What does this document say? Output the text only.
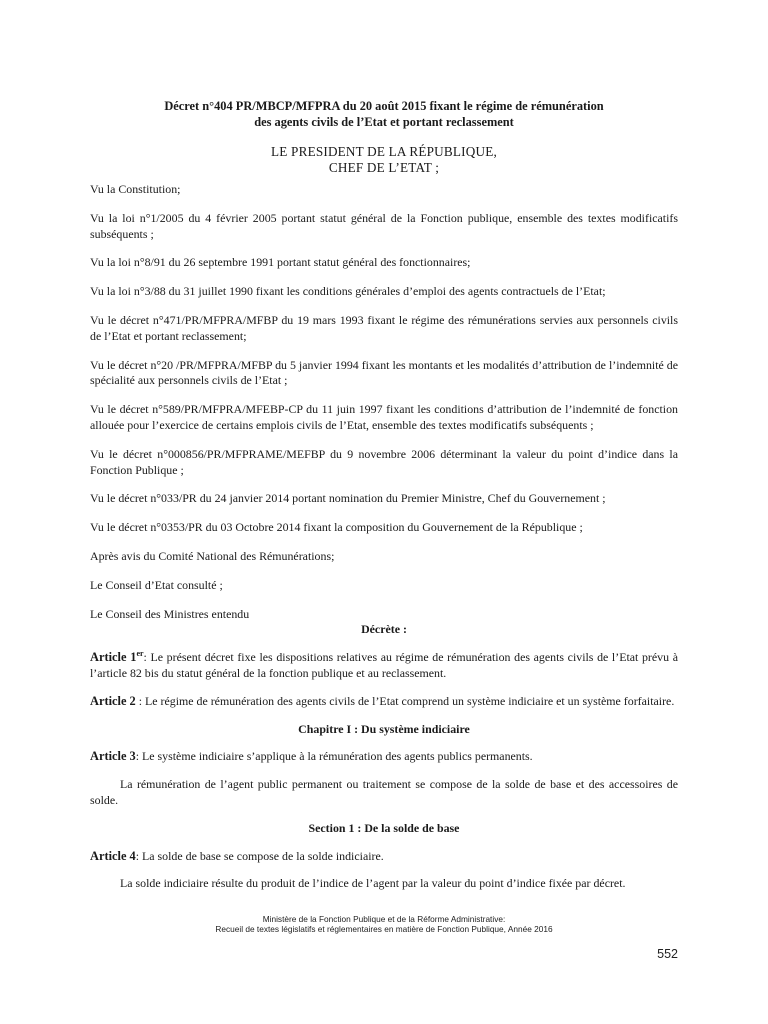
Décret n°404 PR/MBCP/MFPRA du 20 août 2015 fixant le régime de rémunération

des agents civils de l’Etat et portant reclassement

LE PRESIDENT DE LA RÉPUBLIQUE,

CHEF DE L’ETAT ;

Vu la Constitution;

Vu la loi n°1/2005 du 4 février 2005 portant statut général de la Fonction publique, ensemble des textes modificatifs subséquents ;

Vu la loi n°8/91 du 26 septembre 1991 portant statut général des fonctionnaires;

Vu la loi n°3/88 du 31 juillet 1990 fixant les conditions générales d’emploi des agents contractuels de l’Etat;

Vu le décret n°471/PR/MFPRA/MFBP du 19 mars 1993 fixant le régime des rémunérations servies aux personnels civils de l’Etat et portant reclassement;

Vu le décret n°20 /PR/MFPRA/MFBP du 5 janvier 1994 fixant les montants et les modalités d’attribution de l’indemnité de spécialité aux personnels civils de l’Etat ;

Vu le décret n°589/PR/MFPRA/MFEBP-CP du 11 juin 1997 fixant les conditions d’attribution de l’indemnité de fonction allouée pour l’exercice de certains emplois civils de l’Etat, ensemble des textes modificatifs subséquents ;

Vu le décret n°000856/PR/MFPRAME/MEFBP du 9 novembre 2006 déterminant la valeur du point d’indice dans la Fonction Publique ;

Vu le décret n°033/PR du 24 janvier 2014 portant nomination du Premier Ministre, Chef du Gouvernement ;

Vu le décret n°0353/PR du 03 Octobre 2014 fixant la composition du Gouvernement de la République ;

Après avis du Comité National des Rémunérations;

Le Conseil d’Etat consulté ;

Le Conseil des Ministres entendu

Décrète :

Article 1er: Le présent décret fixe les dispositions relatives au régime de rémunération des agents civils de l’Etat prévu à l’article 82 bis du statut général de la fonction publique et au reclassement.

Article 2 : Le régime de rémunération des agents civils de l’Etat comprend un système indiciaire et un système forfaitaire.

Chapitre I : Du système indiciaire

Article 3: Le système indiciaire s’applique à la rémunération des agents publics permanents.

La rémunération de l’agent public permanent ou traitement se compose de la solde de base et des accessoires de solde.

Section 1 : De la solde de base

Article 4: La solde de base se compose de la solde indiciaire.

La solde indiciaire résulte du produit de l’indice de l’agent par la valeur du point d’indice fixée par décret.

Ministère de la Fonction Publique et de la Réforme Administrative:
Recueil de textes législatifs et réglementaires en matière de Fonction Publique, Année 2016
552
